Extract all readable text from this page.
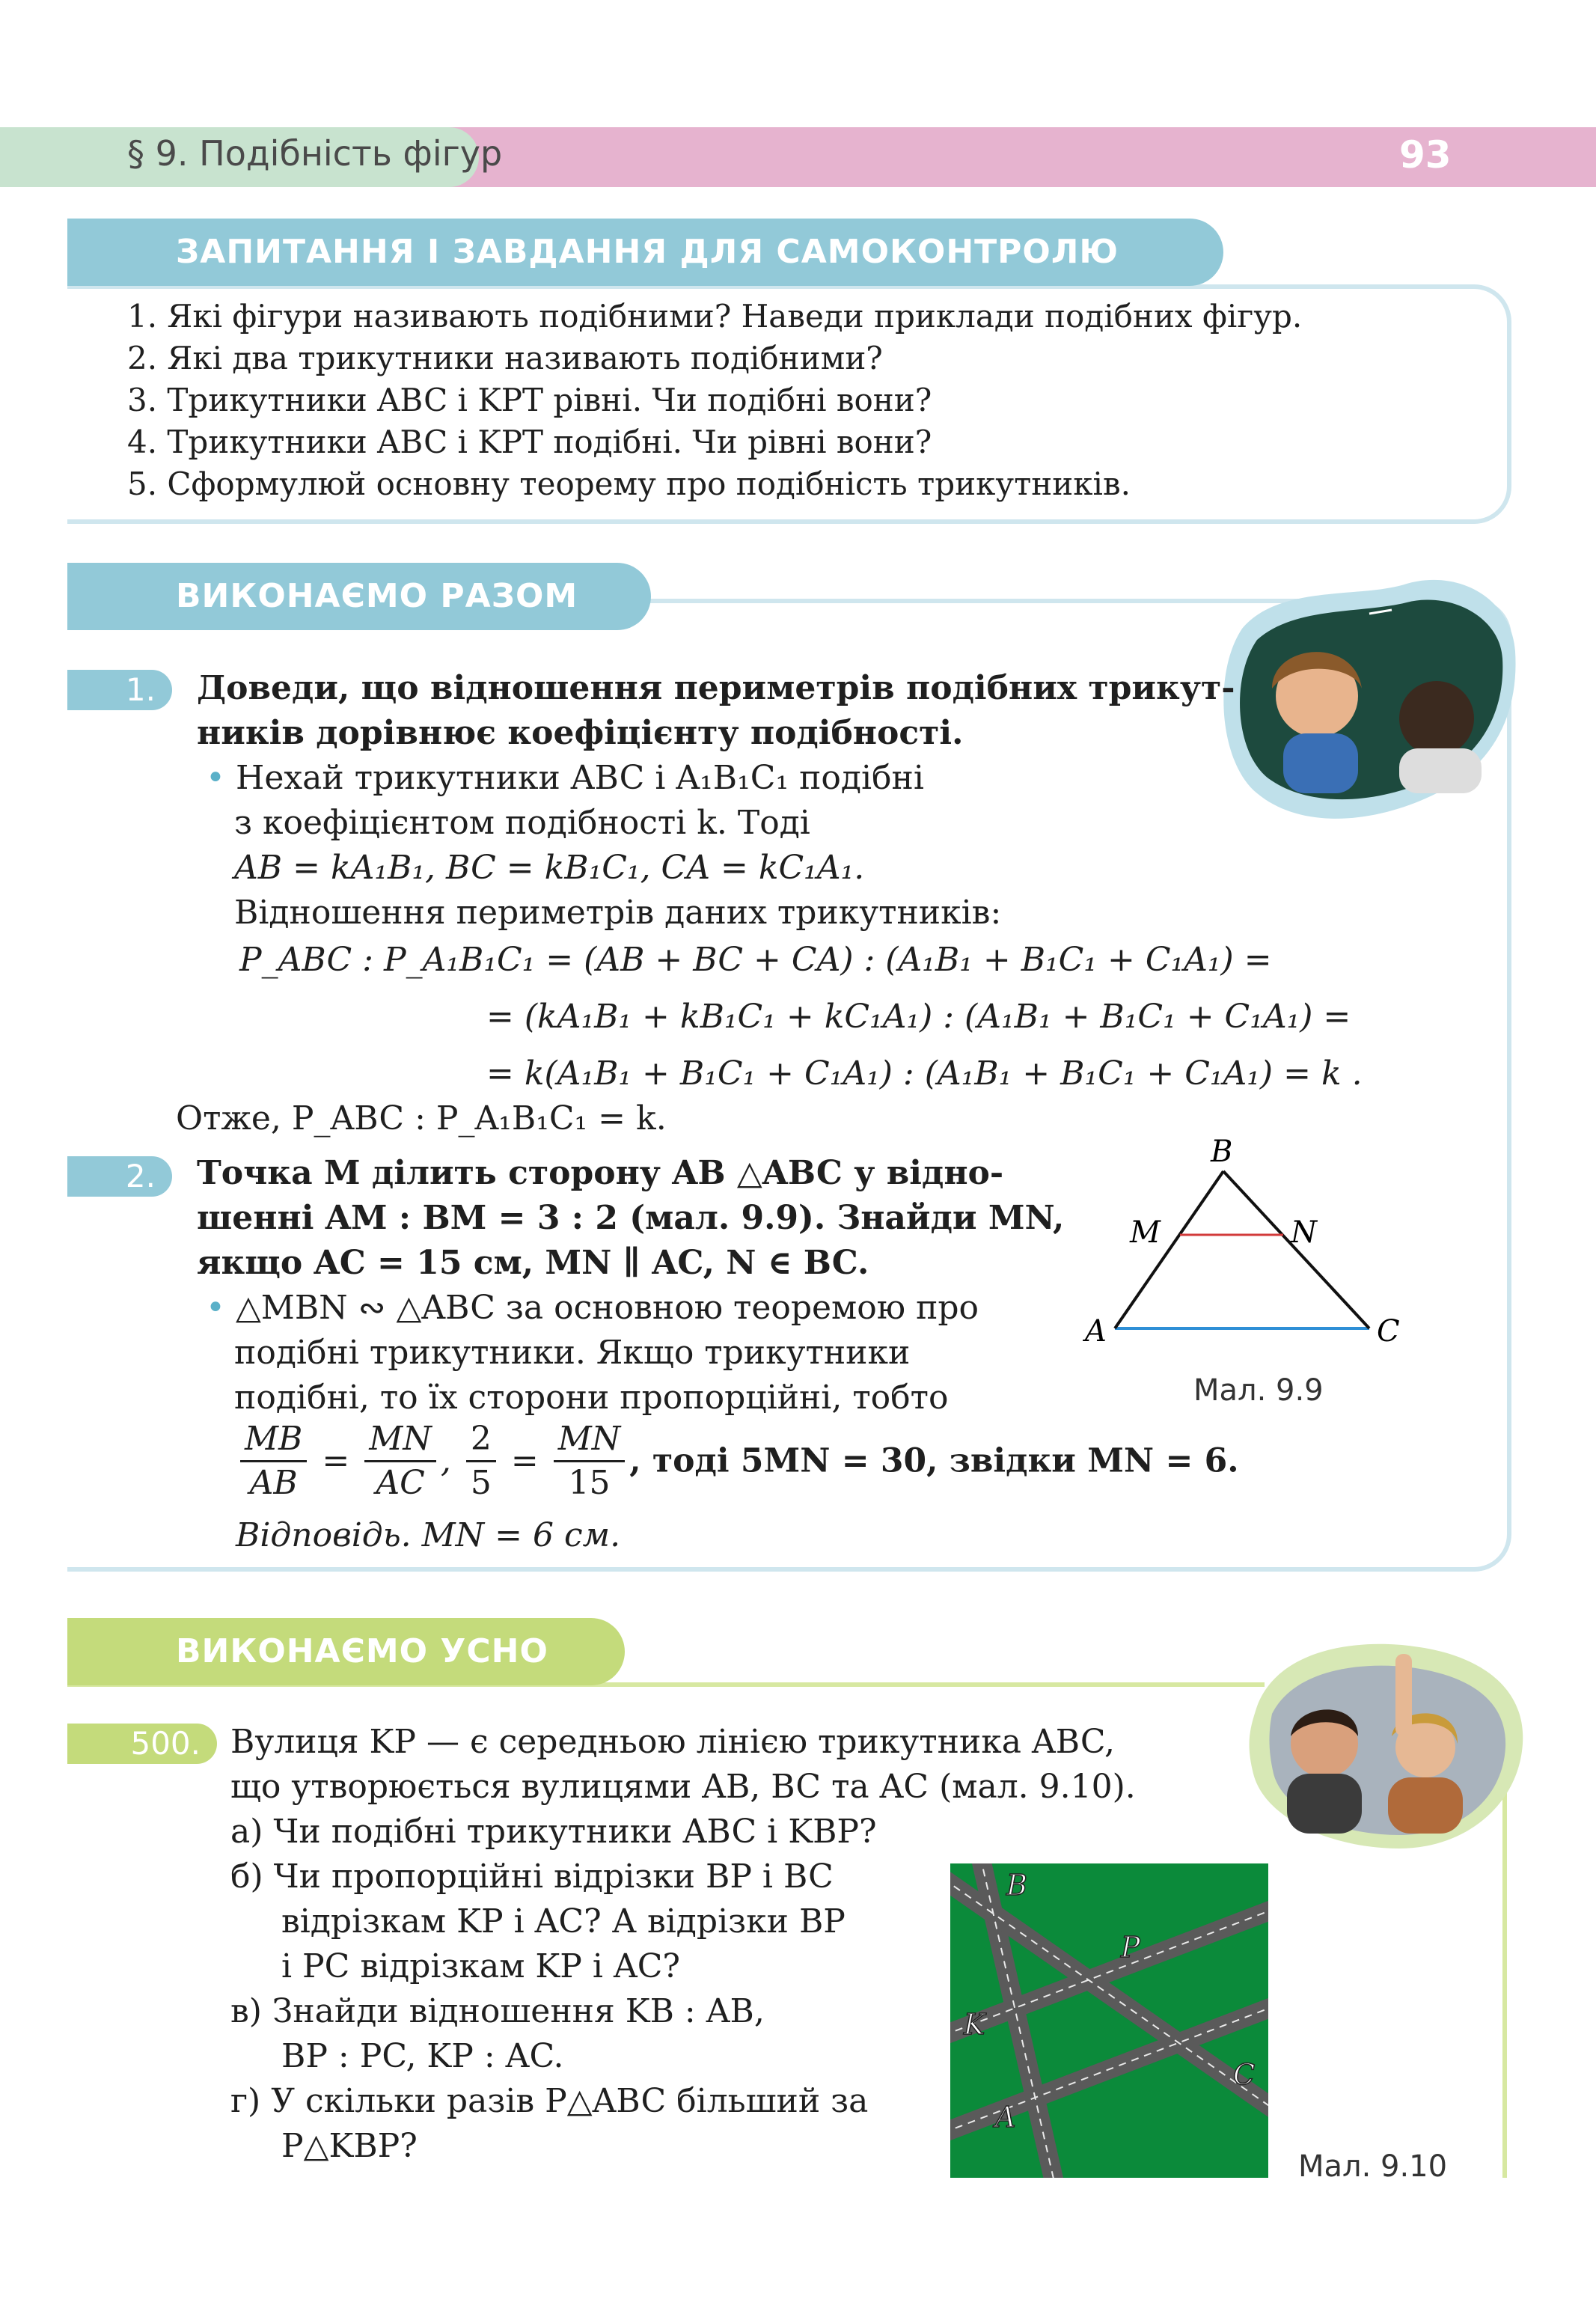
§ 9. Подібність фігур	93
ЗАПИТАННЯ І ЗАВДАННЯ ДЛЯ САМОКОНТРОЛЮ
1. Які фігури називають подібними? Наведи приклади подібних фігур.
2. Які два трикутники називають подібними?
3. Трикутники ABC і KPT рівні. Чи подібні вони?
4. Трикутники ABC і KPT подібні. Чи рівні вони?
5. Сформулюй основну теорему про подібність трикутників.
ВИКОНАЄМО РАЗОМ
1.	Доведи, що відношення периметрів подібних трикут-
ників дорівнює коефіцієнту подібності.
• Нехай трикутники ABC і A₁B₁C₁ подібні
з коефіцієнтом подібності k. Тоді
AB = kA₁B₁, BC = kB₁C₁, CA = kC₁A₁.
Відношення периметрів даних трикутників:
P_ABC : P_A₁B₁C₁ = (AB + BC + CA) : (A₁B₁ + B₁C₁ + C₁A₁) =
= (kA₁B₁ + kB₁C₁ + kC₁A₁) : (A₁B₁ + B₁C₁ + C₁A₁) =
= k(A₁B₁ + B₁C₁ + C₁A₁) : (A₁B₁ + B₁C₁ + C₁A₁) = k .
Отже, P_ABC : P_A₁B₁C₁ = k.
2.	Точка M ділить сторону AB △ABC у відно-
шенні AM : BM = 3 : 2 (мал. 9.9). Знайди MN,
якщо AC = 15 см, MN ∥ AC, N ∈ BC.
• △MBN ∾ △ABC за основною теоремою про
подібні трикутники. Якщо трикутники
подібні, то їх сторони пропорційні, тобто
$\frac{MB}{AB} = \frac{MN}{AC}$ , $\frac{2}{5} = \frac{MN}{15}$ , тоді 5MN = 30, звідки MN = 6.
Відповідь. MN = 6 см.
B
M	N
A	C
Мал. 9.9
ВИКОНАЄМО УСНО
500. Вулиця KP — є середньою лінією трикутника ABC,
що утворюється вулицями AB, BC та AC (мал. 9.10).
а) Чи подібні трикутники ABC і KBP?
б) Чи пропорційні відрізки BP і BC
відрізкам KP і AC? А відрізки BP
і PC відрізкам KP і AC?
в) Знайди відношення KB : AB,
BP : PC, KP : AC.
г) У скільки разів P△ABC більший за
P△KBP?
B
P
K
C
A
Мал. 9.10
